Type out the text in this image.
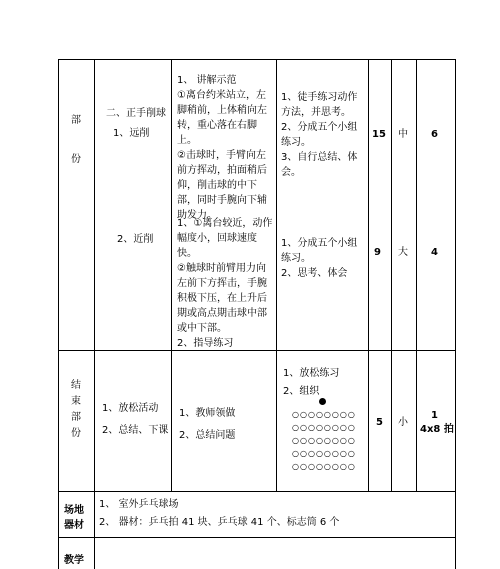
部
份
二、正手削球
1、远削
2、近削
1、 讲解示范
①离台约米站立，左
脚稍前，上体稍向左
转，重心落在右脚
上。
②击球时，手臂向左
前方挥动，拍面稍后
仰，削击球的中下
部，同时手腕向下辅
助发力。
1、徒手练习动作
方法，并思考。
2、分成五个小组
练习。
3、自行总结、体
会。
15 中 6
1、①离台较近，动作
幅度小，回球速度
快。
②触球时前臂用力向
左前下方挥击，手腕
积极下压，在上升后
期或高点期击球中部
或中下部。
2、指导练习
1、分成五个小组
练习。
2、思考、体会
9 大 4
结
束
部
份
1、放松活动
2、总结、下课
1、教师领做
2、总结问题
1、放松练习
2、组织
○○○○○○○○
○○○○○○○○
○○○○○○○○
○○○○○○○○
○○○○○○○○
5 小
1
4x8 拍
场地
器材
1、 室外乒乓球场
2、 器材：乒乓拍 41 块、乒乓球 41 个、标志筒 6 个
教学
